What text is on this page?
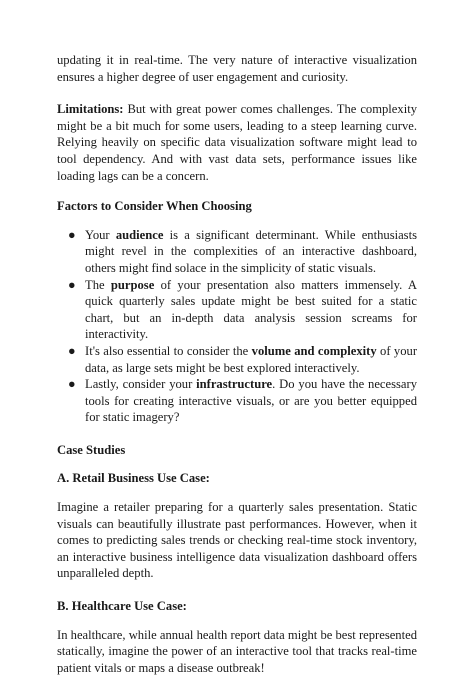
updating it in real-time. The very nature of interactive visualization ensures a higher degree of user engagement and curiosity.

Limitations: But with great power comes challenges. The complexity might be a bit much for some users, leading to a steep learning curve. Relying heavily on specific data visualization software might lead to tool dependency. And with vast data sets, performance issues like loading lags can be a concern.

Factors to Consider When Choosing
● Your audience is a significant determinant. While enthusiasts might revel in the complexities of an interactive dashboard, others might find solace in the simplicity of static visuals.
● The purpose of your presentation also matters immensely. A quick quarterly sales update might be best suited for a static chart, but an in-depth data analysis session screams for interactivity.
● It's also essential to consider the volume and complexity of your data, as large sets might be best explored interactively.
● Lastly, consider your infrastructure. Do you have the necessary tools for creating interactive visuals, or are you better equipped for static imagery?
Case Studies
A. Retail Business Use Case:

Imagine a retailer preparing for a quarterly sales presentation. Static visuals can beautifully illustrate past performances. However, when it comes to predicting sales trends or checking real-time stock inventory, an interactive business intelligence data visualization dashboard offers unparalleled depth.

B. Healthcare Use Case:

In healthcare, while annual health report data might be best represented statically, imagine the power of an interactive tool that tracks real-time patient vitals or maps a disease outbreak!
